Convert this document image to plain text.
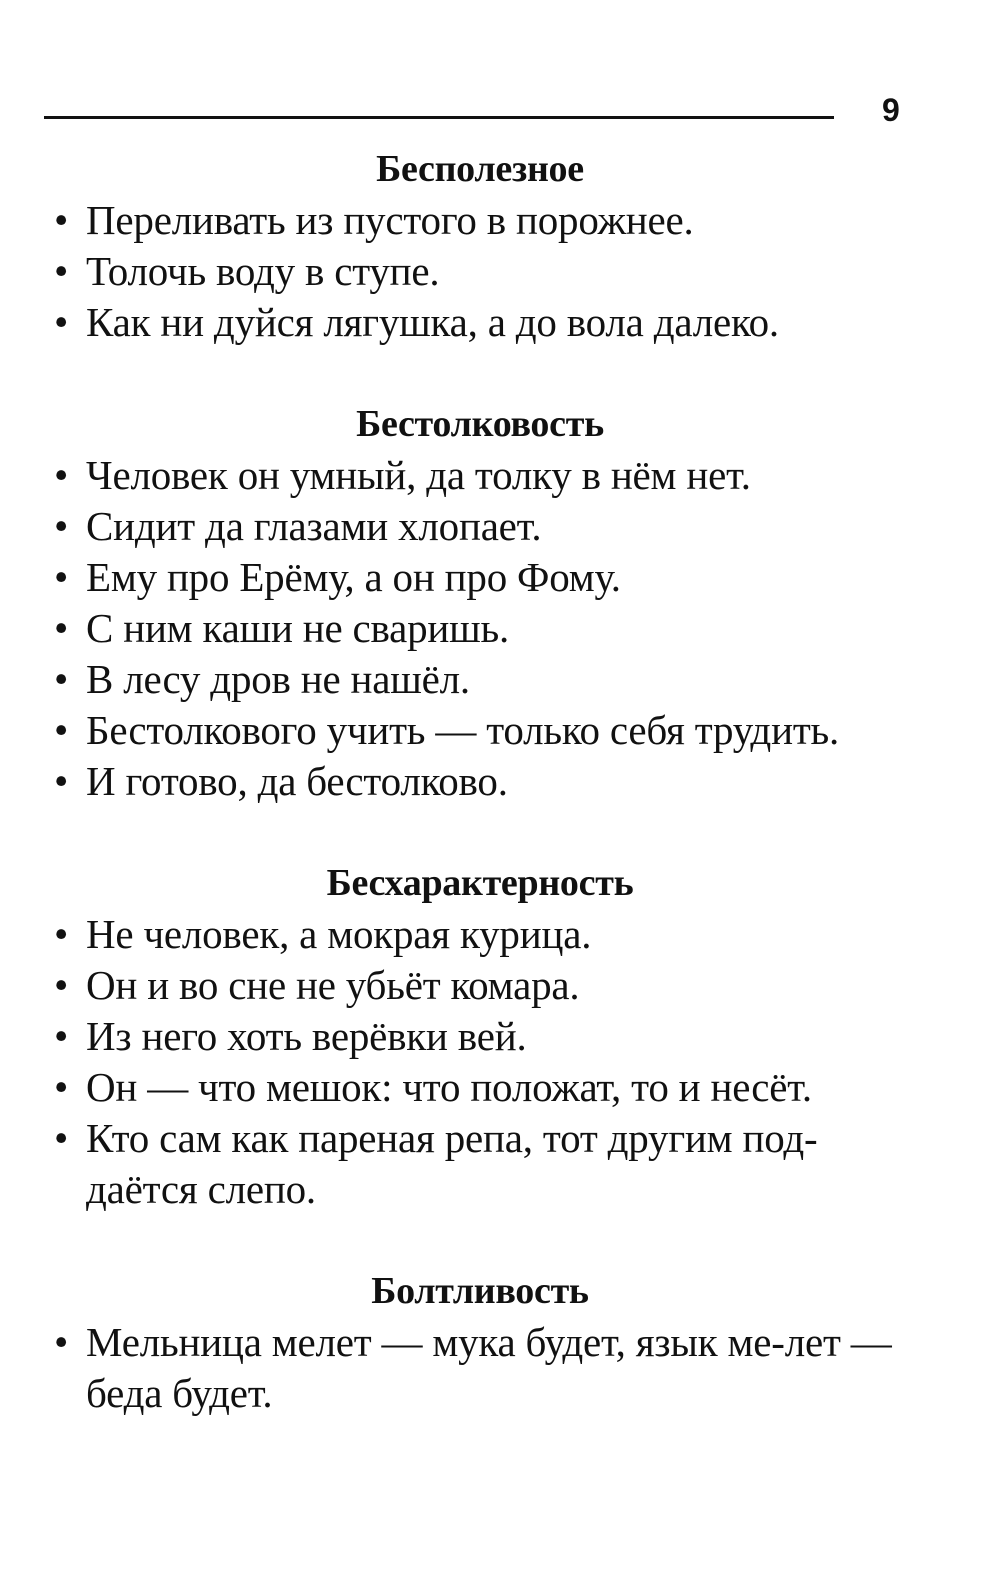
9
Бесполезное
• Переливать из пустого в порожнее.
• Толочь воду в ступе.
• Как ни дуйся лягушка, а до вола далеко.
Бестолковость
• Человек он умный, да толку в нём нет.
• Сидит да глазами хлопает.
• Ему про Ерёму, а он про Фому.
• С ним каши не сваришь.
• В лесу дров не нашёл.
• Бестолкового учить — только себя трудить.
• И готово, да бестолково.
Бесхарактерность
• Не человек, а мокрая курица.
• Он и во сне не убьёт комара.
• Из него хоть верёвки вей.
• Он — что мешок: что положат, то и несёт.
• Кто сам как пареная репа, тот другим под-даётся слепо.
Болтливость
• Мельница мелет — мука будет, язык ме-лет — беда будет.
